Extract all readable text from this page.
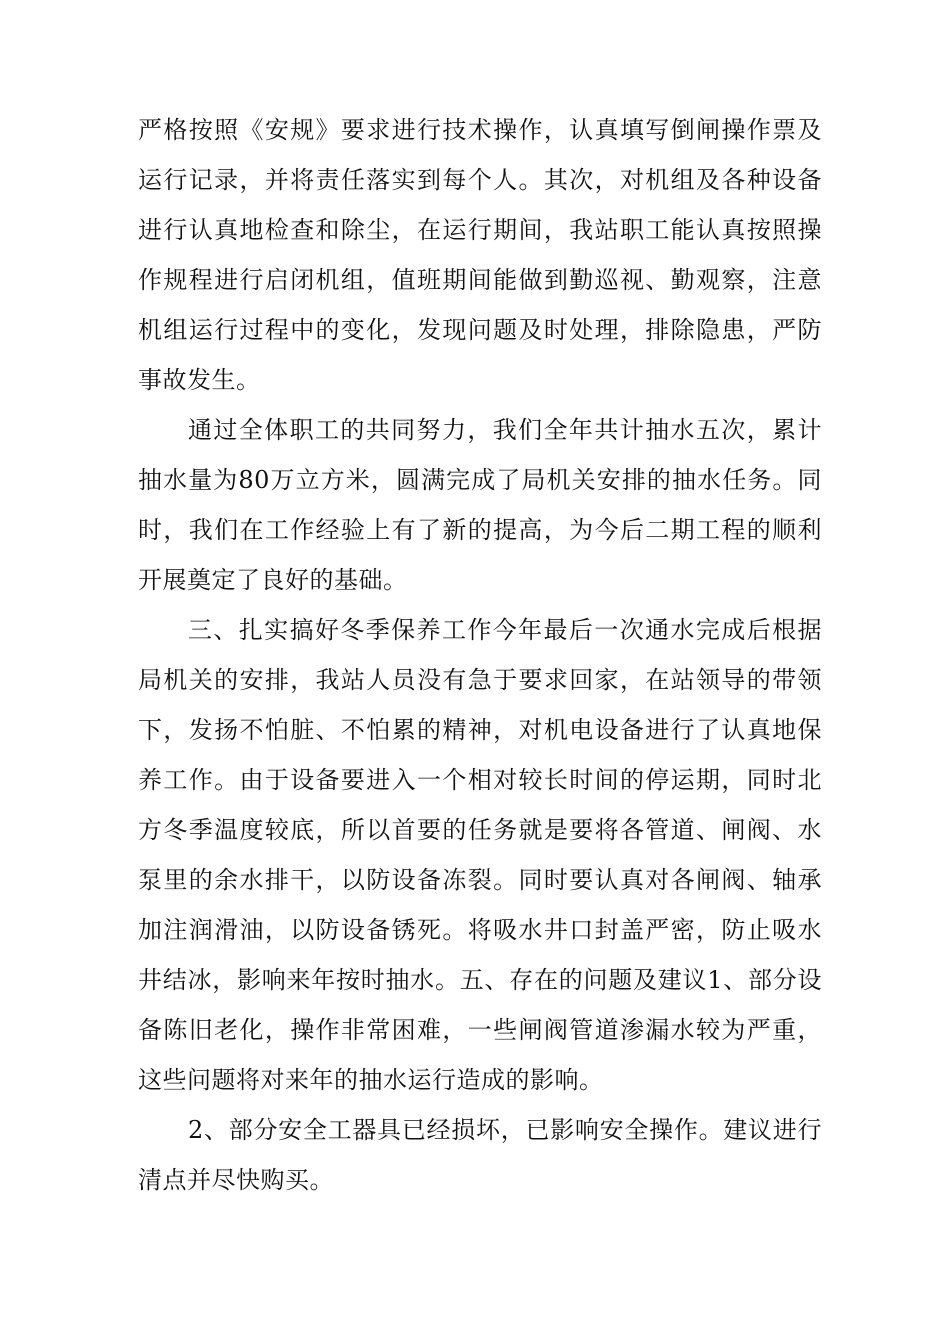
严格按照《安规》要求进行技术操作，认真填写倒闸操作票及运行记录，并将责任落实到每个人。其次，对机组及各种设备进行认真地检查和除尘，在运行期间，我站职工能认真按照操作规程进行启闭机组，值班期间能做到勤巡视、勤观察，注意机组运行过程中的变化，发现问题及时处理，排除隐患，严防事故发生。

通过全体职工的共同努力，我们全年共计抽水五次，累计抽水量为80万立方米，圆满完成了局机关安排的抽水任务。同时，我们在工作经验上有了新的提高，为今后二期工程的顺利开展奠定了良好的基础。

三、扎实搞好冬季保养工作今年最后一次通水完成后根据局机关的安排，我站人员没有急于要求回家，在站领导的带领下，发扬不怕脏、不怕累的精神，对机电设备进行了认真地保养工作。由于设备要进入一个相对较长时间的停运期，同时北方冬季温度较底，所以首要的任务就是要将各管道、闸阀、水泵里的余水排干，以防设备冻裂。同时要认真对各闸阀、轴承加注润滑油，以防设备锈死。将吸水井口封盖严密，防止吸水井结冰，影响来年按时抽水。五、存在的问题及建议1、部分设备陈旧老化，操作非常困难，一些闸阀管道渗漏水较为严重，这些问题将对来年的抽水运行造成的影响。

2、部分安全工器具已经损坏，已影响安全操作。建议进行清点并尽快购买。
